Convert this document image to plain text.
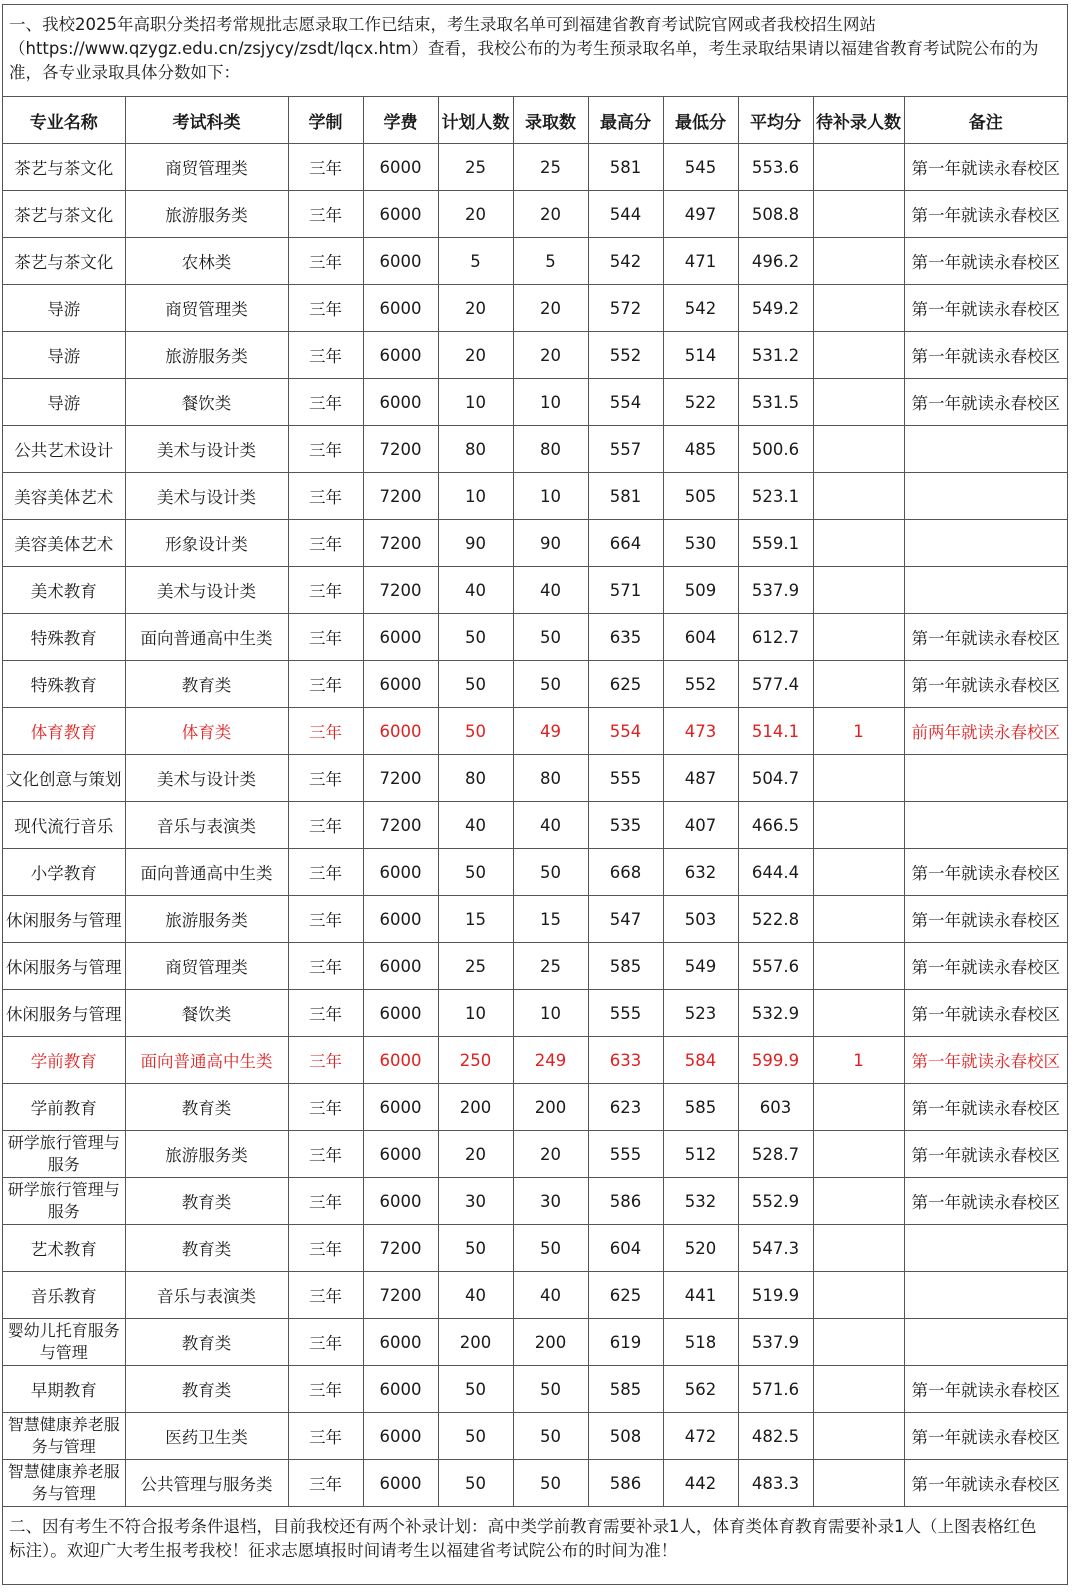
一、我校2025年高职分类招考常规批志愿录取工作已结束，考生录取名单可到福建省教育考试院官网或者我校招生网站
（https://www.qzygz.edu.cn/zsjycy/zsdt/lqcx.htm）查看，我校公布的为考生预录取名单，考生录取结果请以福建省教育考试院公布的为
准，各专业录取具体分数如下：
专业名称	考试科类	学制	学费	计划人数	录取数	最高分	最低分	平均分	待补录人数	备注
茶艺与茶文化	商贸管理类	三年	6000	25	25	581	545	553.6		第一年就读永春校区
茶艺与茶文化	旅游服务类	三年	6000	20	20	544	497	508.8		第一年就读永春校区
茶艺与茶文化	农林类	三年	6000	5	5	542	471	496.2		第一年就读永春校区
导游	商贸管理类	三年	6000	20	20	572	542	549.2		第一年就读永春校区
导游	旅游服务类	三年	6000	20	20	552	514	531.2		第一年就读永春校区
导游	餐饮类	三年	6000	10	10	554	522	531.5		第一年就读永春校区
公共艺术设计	美术与设计类	三年	7200	80	80	557	485	500.6		
美容美体艺术	美术与设计类	三年	7200	10	10	581	505	523.1		
美容美体艺术	形象设计类	三年	7200	90	90	664	530	559.1		
美术教育	美术与设计类	三年	7200	40	40	571	509	537.9		
特殊教育	面向普通高中生类	三年	6000	50	50	635	604	612.7		第一年就读永春校区
特殊教育	教育类	三年	6000	50	50	625	552	577.4		第一年就读永春校区
体育教育	体育类	三年	6000	50	49	554	473	514.1	1	前两年就读永春校区
文化创意与策划	美术与设计类	三年	7200	80	80	555	487	504.7		
现代流行音乐	音乐与表演类	三年	7200	40	40	535	407	466.5		
小学教育	面向普通高中生类	三年	6000	50	50	668	632	644.4		第一年就读永春校区
休闲服务与管理	旅游服务类	三年	6000	15	15	547	503	522.8		第一年就读永春校区
休闲服务与管理	商贸管理类	三年	6000	25	25	585	549	557.6		第一年就读永春校区
休闲服务与管理	餐饮类	三年	6000	10	10	555	523	532.9		第一年就读永春校区
学前教育	面向普通高中生类	三年	6000	250	249	633	584	599.9	1	第一年就读永春校区
学前教育	教育类	三年	6000	200	200	623	585	603		第一年就读永春校区
研学旅行管理与服务	旅游服务类	三年	6000	20	20	555	512	528.7		第一年就读永春校区
研学旅行管理与服务	教育类	三年	6000	30	30	586	532	552.9		第一年就读永春校区
艺术教育	教育类	三年	7200	50	50	604	520	547.3		
音乐教育	音乐与表演类	三年	7200	40	40	625	441	519.9		
婴幼儿托育服务与管理	教育类	三年	6000	200	200	619	518	537.9		
早期教育	教育类	三年	6000	50	50	585	562	571.6		第一年就读永春校区
智慧健康养老服务与管理	医药卫生类	三年	6000	50	50	508	472	482.5		第一年就读永春校区
智慧健康养老服务与管理	公共管理与服务类	三年	6000	50	50	586	442	483.3		第一年就读永春校区
二、因有考生不符合报考条件退档，目前我校还有两个补录计划：高中类学前教育需要补录1人，体育类体育教育需要补录1人（上图表格红色
标注）。欢迎广大考生报考我校！征求志愿填报时间请考生以福建省考试院公布的时间为准！
